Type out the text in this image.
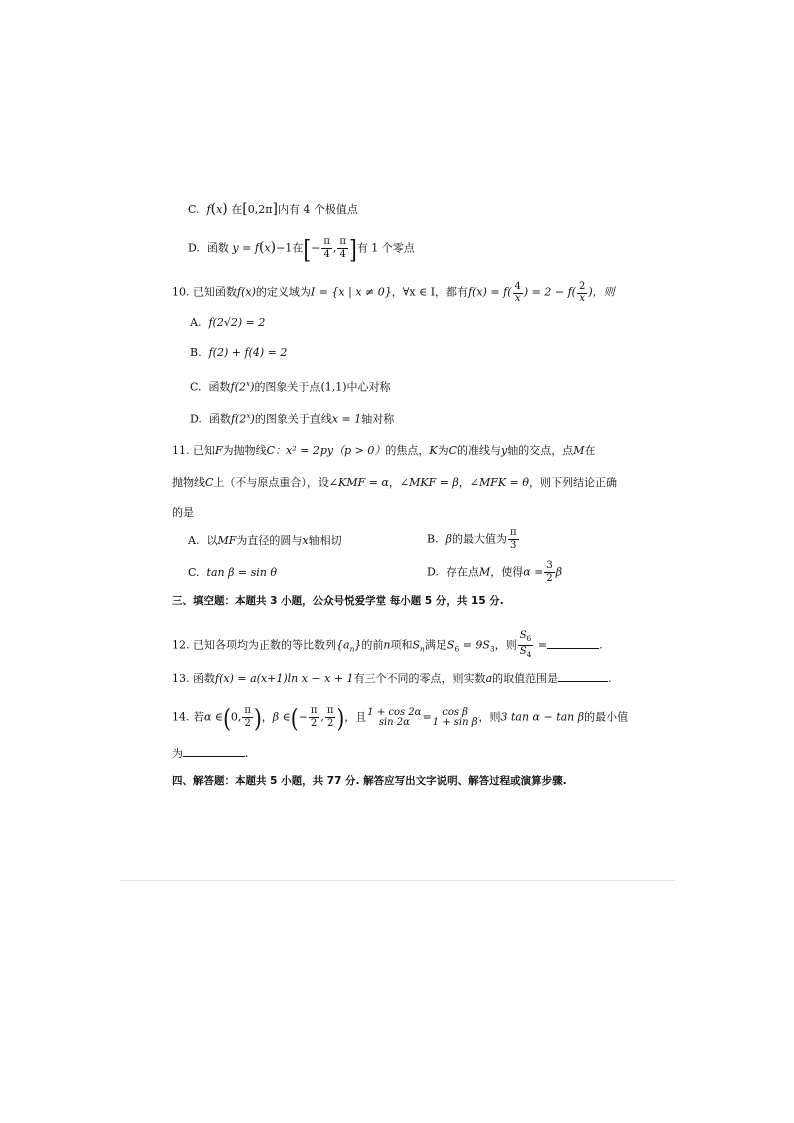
C. f(x) 在[0,2π]内有 4 个极值点
D. 函数 y = f(x)−1在[− $\frac{\pi}{4}$ , $\frac{\pi}{4}$ ]有 1 个零点
10. 已知函数f(x)的定义域为I = {x | x ≠ 0}，∀x ∈ I，都有$f(x) = f( \frac{4}{x}) = 2 - f( \frac{2}{x})$，则
A. f(2√2) = 2
B. f(2) + f(4) = 2
C. 函数f(2$^x$)的图象关于点(1,1)中心对称
D. 函数f(2$^x$)的图象关于直线x = 1轴对称
11. 已知F为抛物线C：x² = 2py（p > 0）的焦点，K为C的准线与y轴的交点，点M在
抛物线C上（不与原点重合），设∠KMF = α，∠MKF = β，∠MFK = θ，则下列结论正确
的是
A. 以MF为直径的圆与x轴相切	B. β的最大值为 $\frac{\pi}{3}$
C. tan β = sin θ	D. 存在点M，使得$\alpha = \frac{3}{2}$ β
三、填空题：本题共 3 小题，公众号悦爱学堂 每小题 5 分，共 15 分.
12. 已知各项均为正数的等比数列$\{a_n\}$的前n项和$S_n$满足$S_6 = 9S_3$，则 $\frac{S_6}{S_4}$ =	.
13. 函数f(x) = a(x+1)ln x − x + 1有三个不同的零点，则实数a的取值范围是	.
14. 若α ∈(0, $\frac{\pi}{2}$ )，β ∈(− $\frac{\pi}{2}$ , $\frac{\pi}{2}$ )，且1 + cos 2α
sin 2α	=	cos β
1 + sin β ，则3 tan α − tan β的最小值
为	.
四、解答题：本题共 5 小题，共 77 分. 解答应写出文字说明、解答过程或演算步骤.
